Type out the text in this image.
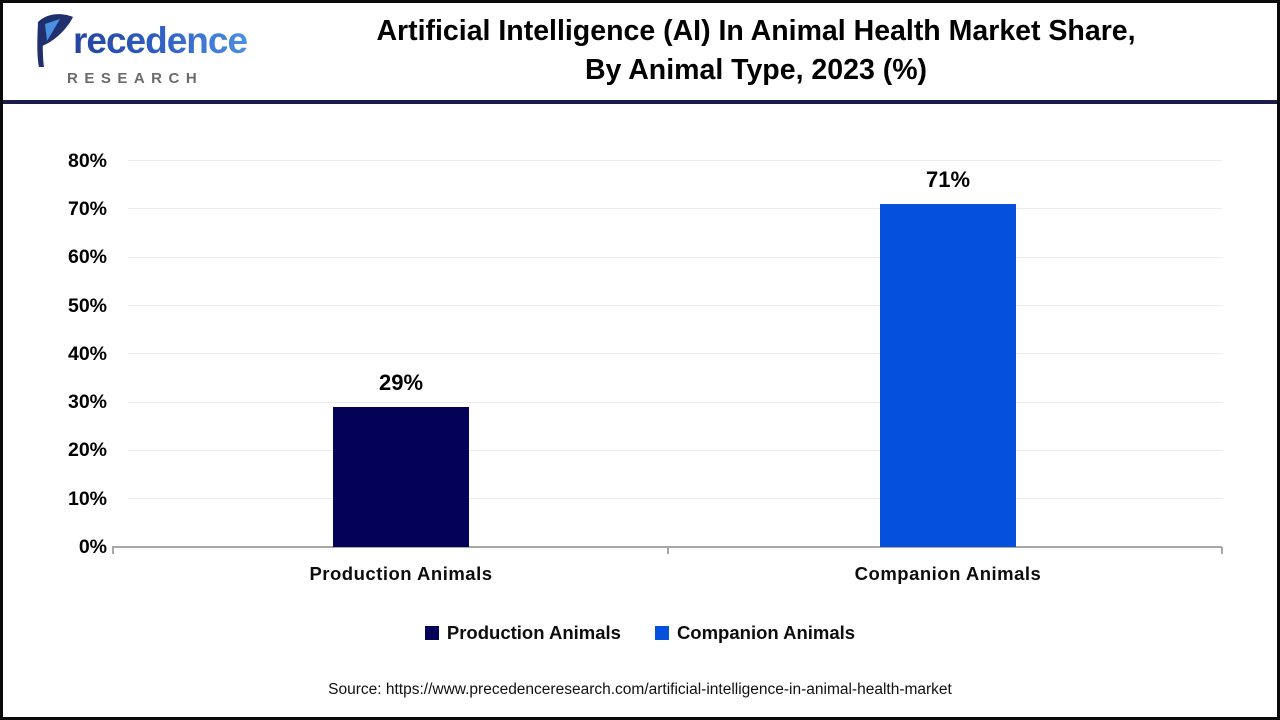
recedence
RESEARCH
Artificial Intelligence (AI) In Animal Health Market Share,
By Animal Type, 2023 (%)
0%
10%
20%
30%
40%
50%
60%
70%
80%
29%
Production Animals
71%
Companion Animals
Production Animals	Companion Animals
Source: https://www.precedenceresearch.com/artificial-intelligence-in-animal-health-market
